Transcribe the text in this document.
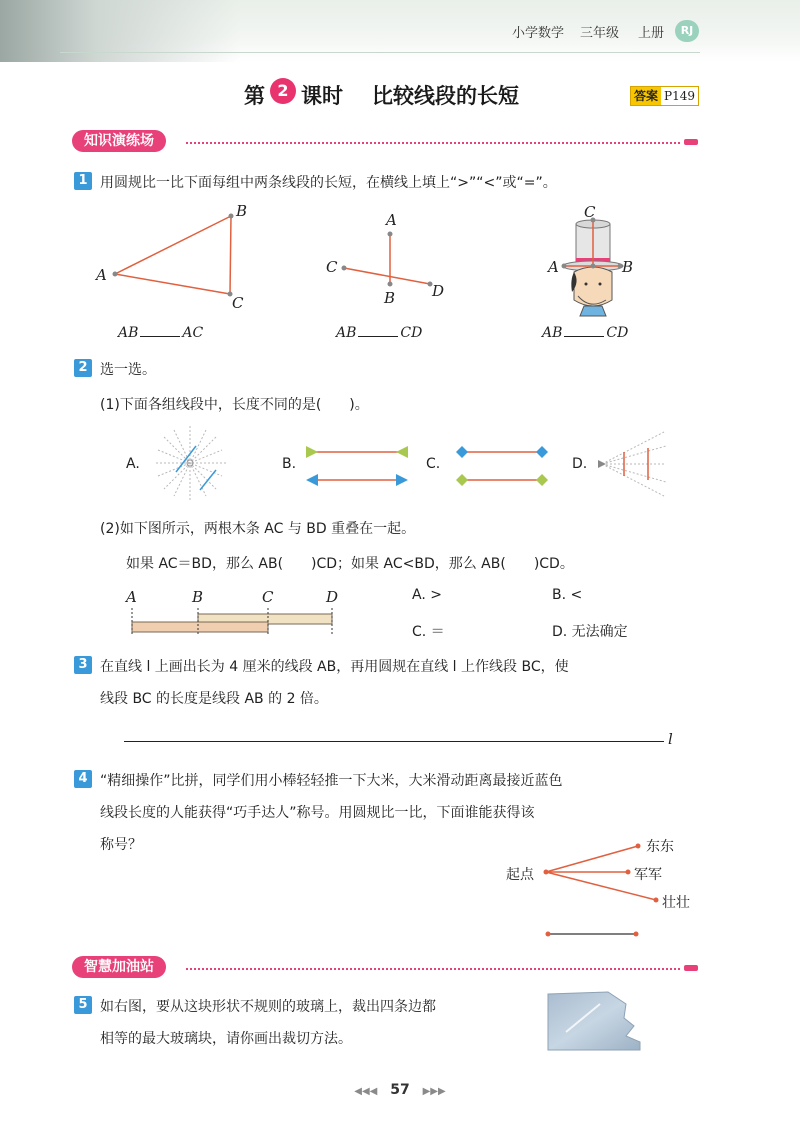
小学数学 三年级 上册	RJ
第 2 课时 比较线段的长短	答案 P149
知识演练场
1 用圆规比一比下面每组中两条线段的长短，在横线上填上“>”“<”或“=”。
A
B
C
AB	AC
A
B
C
D
AB	CD
A	B
C
AB	CD
2 选一选。
(1)下面各组线段中，长度不同的是(　　)。
A.	B.	C.	D.
(2)如下图所示，两根木条 AC 与 BD 重叠在一起。
如果 AC＝BD，那么 AB(　　)CD；如果 AC<BD，那么 AB(　　)CD。
A	B	C	D	A. >	B. <
C. ＝	D. 无法确定
3 在直线 l 上画出长为 4 厘米的线段 AB，再用圆规在直线 l 上作线段 BC，使
线段 BC 的长度是线段 AB 的 2 倍。
l
4 “精细操作”比拼，同学们用小棒轻轻推一下大米，大米滑动距离最接近蓝色
线段长度的人能获得“巧手达人”称号。用圆规比一比，下面谁能获得该
称号？
起点
东东
军军
壮壮
智慧加油站
5 如右图，要从这块形状不规则的玻璃上，裁出四条边都
相等的最大玻璃块，请你画出裁切方法。
◀◀◀ 57 ▶▶▶
